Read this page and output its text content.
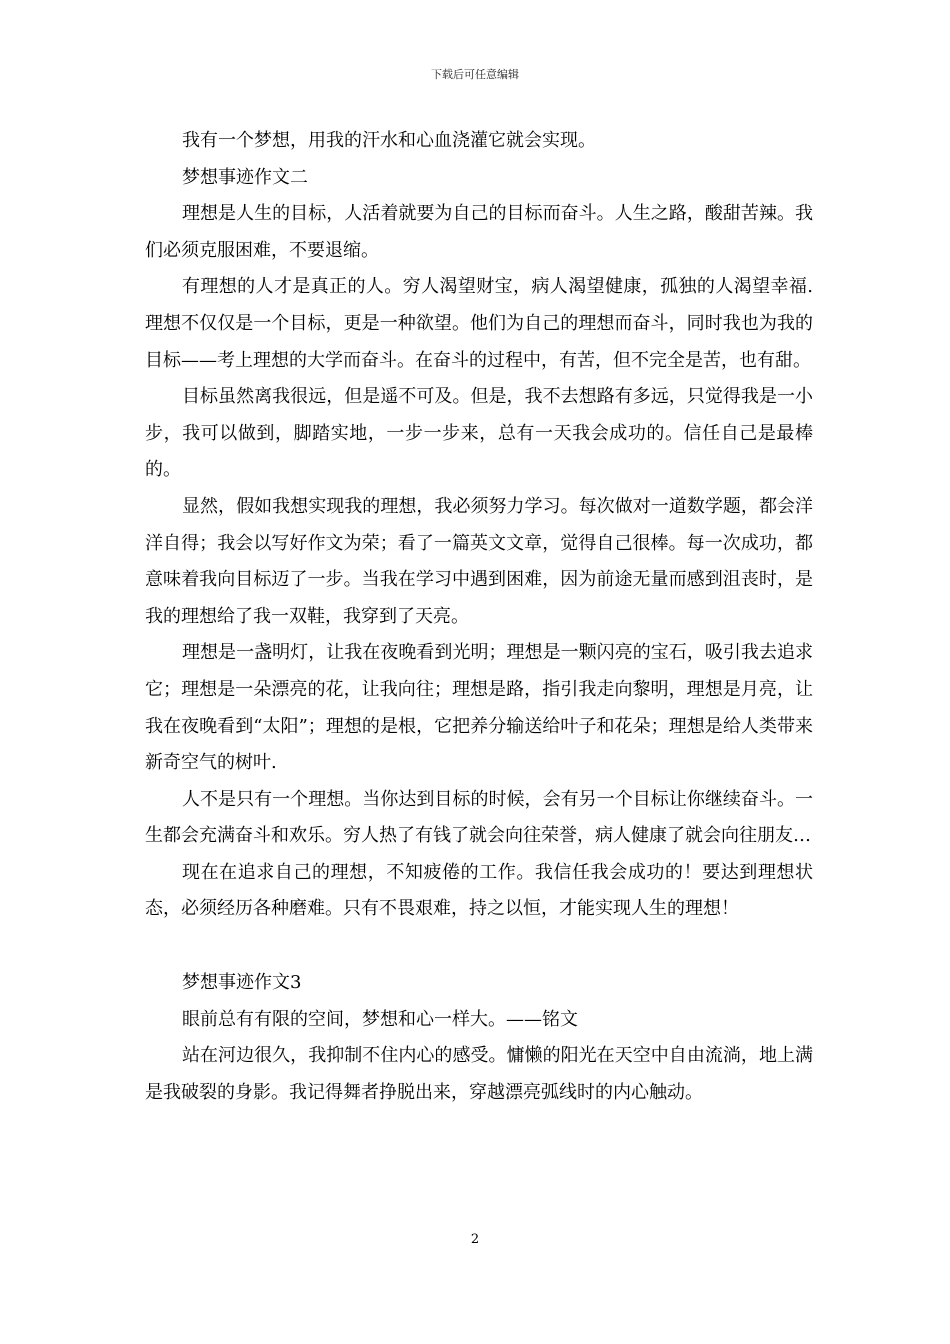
下载后可任意编辑

我有一个梦想，用我的汗水和心血浇灌它就会实现。

梦想事迹作文二

理想是人生的目标，人活着就要为自己的目标而奋斗。人生之路，酸甜苦辣。我们必须克服困难，不要退缩。

有理想的人才是真正的人。穷人渴望财宝，病人渴望健康，孤独的人渴望幸福.理想不仅仅是一个目标，更是一种欲望。他们为自己的理想而奋斗，同时我也为我的目标——考上理想的大学而奋斗。在奋斗的过程中，有苦，但不完全是苦，也有甜。

目标虽然离我很远，但是遥不可及。但是，我不去想路有多远，只觉得我是一小步，我可以做到，脚踏实地，一步一步来，总有一天我会成功的。信任自己是最棒的。

显然，假如我想实现我的理想，我必须努力学习。每次做对一道数学题，都会洋洋自得；我会以写好作文为荣；看了一篇英文文章，觉得自己很棒。每一次成功，都意味着我向目标迈了一步。当我在学习中遇到困难，因为前途无量而感到沮丧时，是我的理想给了我一双鞋，我穿到了天亮。

理想是一盏明灯，让我在夜晚看到光明；理想是一颗闪亮的宝石，吸引我去追求它；理想是一朵漂亮的花，让我向往；理想是路，指引我走向黎明，理想是月亮，让我在夜晚看到“太阳”；理想的是根，它把养分输送给叶子和花朵；理想是给人类带来新奇空气的树叶.

人不是只有一个理想。当你达到目标的时候，会有另一个目标让你继续奋斗。一生都会充满奋斗和欢乐。穷人热了有钱了就会向往荣誉，病人健康了就会向往朋友…

现在在追求自己的理想，不知疲倦的工作。我信任我会成功的！要达到理想状态，必须经历各种磨难。只有不畏艰难，持之以恒，才能实现人生的理想！

梦想事迹作文3

眼前总有有限的空间，梦想和心一样大。——铭文

站在河边很久，我抑制不住内心的感受。慵懒的阳光在天空中自由流淌，地上满是我破裂的身影。我记得舞者挣脱出来，穿越漂亮弧线时的内心触动。

2
